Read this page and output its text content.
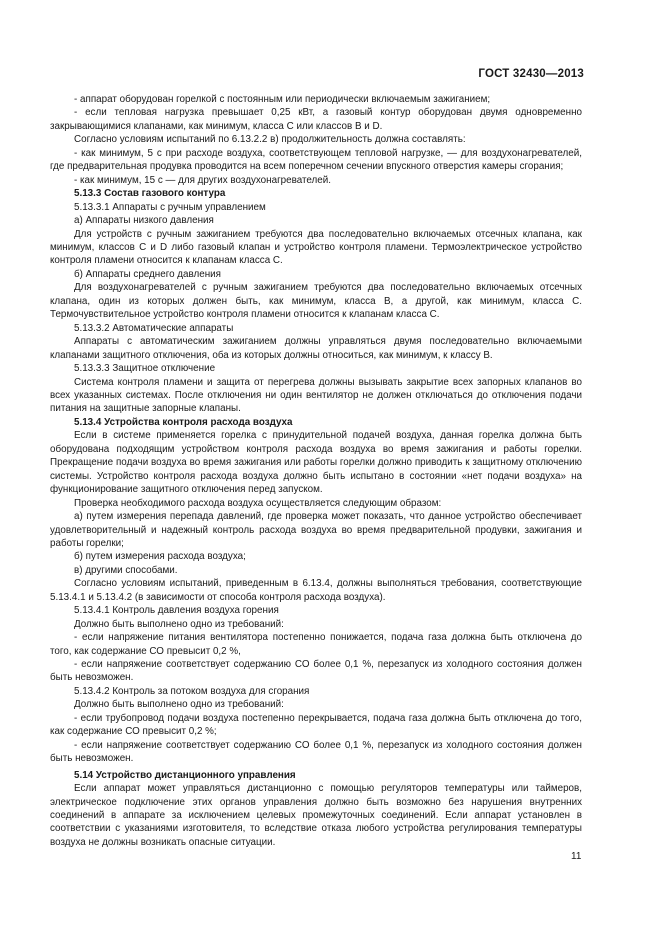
ГОСТ 32430—2013

- аппарат оборудован горелкой с постоянным или периодически включаемым зажиганием;

- если тепловая нагрузка превышает 0,25 кВт, а газовый контур оборудован двумя одновременно закрывающимися клапанами, как минимум, класса С или классов В и D.

Согласно условиям испытаний по 6.13.2.2 в) продолжительность должна составлять:

- как минимум, 5 с при расходе воздуха, соответствующем тепловой нагрузке, — для воздухонагревателей, где предварительная продувка проводится на всем поперечном сечении впускного отверстия камеры сгорания;

- как минимум, 15 с — для других воздухонагревателей.

5.13.3 Состав газового контура

5.13.3.1 Аппараты с ручным управлением

а) Аппараты низкого давления

Для устройств с ручным зажиганием требуются два последовательно включаемых отсечных клапана, как минимум, классов С и D либо газовый клапан и устройство контроля пламени. Термоэлектрическое устройство контроля пламени относится к клапанам класса С.

б) Аппараты среднего давления

Для воздухонагревателей с ручным зажиганием требуются два последовательно включаемых отсечных клапана, один из которых должен быть, как минимум, класса В, а другой, как минимум, класса С. Термочувствительное устройство контроля пламени относится к клапанам класса С.

5.13.3.2 Автоматические аппараты

Аппараты с автоматическим зажиганием должны управляться двумя последовательно включаемыми клапанами защитного отключения, оба из которых должны относиться, как минимум, к классу В.

5.13.3.3 Защитное отключение

Система контроля пламени и защита от перегрева должны вызывать закрытие всех запорных клапанов во всех указанных системах. После отключения ни один вентилятор не должен отключаться до отключения подачи питания на защитные запорные клапаны.

5.13.4 Устройства контроля расхода воздуха

Если в системе применяется горелка с принудительной подачей воздуха, данная горелка должна быть оборудована подходящим устройством контроля расхода воздуха во время зажигания и работы горелки. Прекращение подачи воздуха во время зажигания или работы горелки должно приводить к защитному отключению системы. Устройство контроля расхода воздуха должно быть испытано в состоянии «нет подачи воздуха» на функционирование защитного отключения перед запуском.

Проверка необходимого расхода воздуха осуществляется следующим образом:

а) путем измерения перепада давлений, где проверка может показать, что данное устройство обеспечивает удовлетворительный и надежный контроль расхода воздуха во время предварительной продувки, зажигания и работы горелки;

б) путем измерения расхода воздуха;

в) другими способами.

Согласно условиям испытаний, приведенным в 6.13.4, должны выполняться требования, соответствующие 5.13.4.1 и 5.13.4.2 (в зависимости от способа контроля расхода воздуха).

5.13.4.1 Контроль давления воздуха горения

Должно быть выполнено одно из требований:

- если напряжение питания вентилятора постепенно понижается, подача газа должна быть отключена до того, как содержание СО превысит 0,2 %,

- если напряжение соответствует содержанию СО более 0,1 %, перезапуск из холодного состояния должен быть невозможен.

5.13.4.2 Контроль за потоком воздуха для сгорания

Должно быть выполнено одно из требований:

- если трубопровод подачи воздуха постепенно перекрывается, подача газа должна быть отключена до того, как содержание СО превысит 0,2 %;

- если напряжение соответствует содержанию СО более 0,1 %, перезапуск из холодного состояния должен быть невозможен.

5.14 Устройство дистанционного управления

Если аппарат может управляться дистанционно с помощью регуляторов температуры или таймеров, электрическое подключение этих органов управления должно быть возможно без нарушения внутренних соединений в аппарате за исключением целевых промежуточных соединений. Если аппарат установлен в соответствии с указаниями изготовителя, то вследствие отказа любого устройства регулирования температуры воздуха не должны возникать опасные ситуации.

11
